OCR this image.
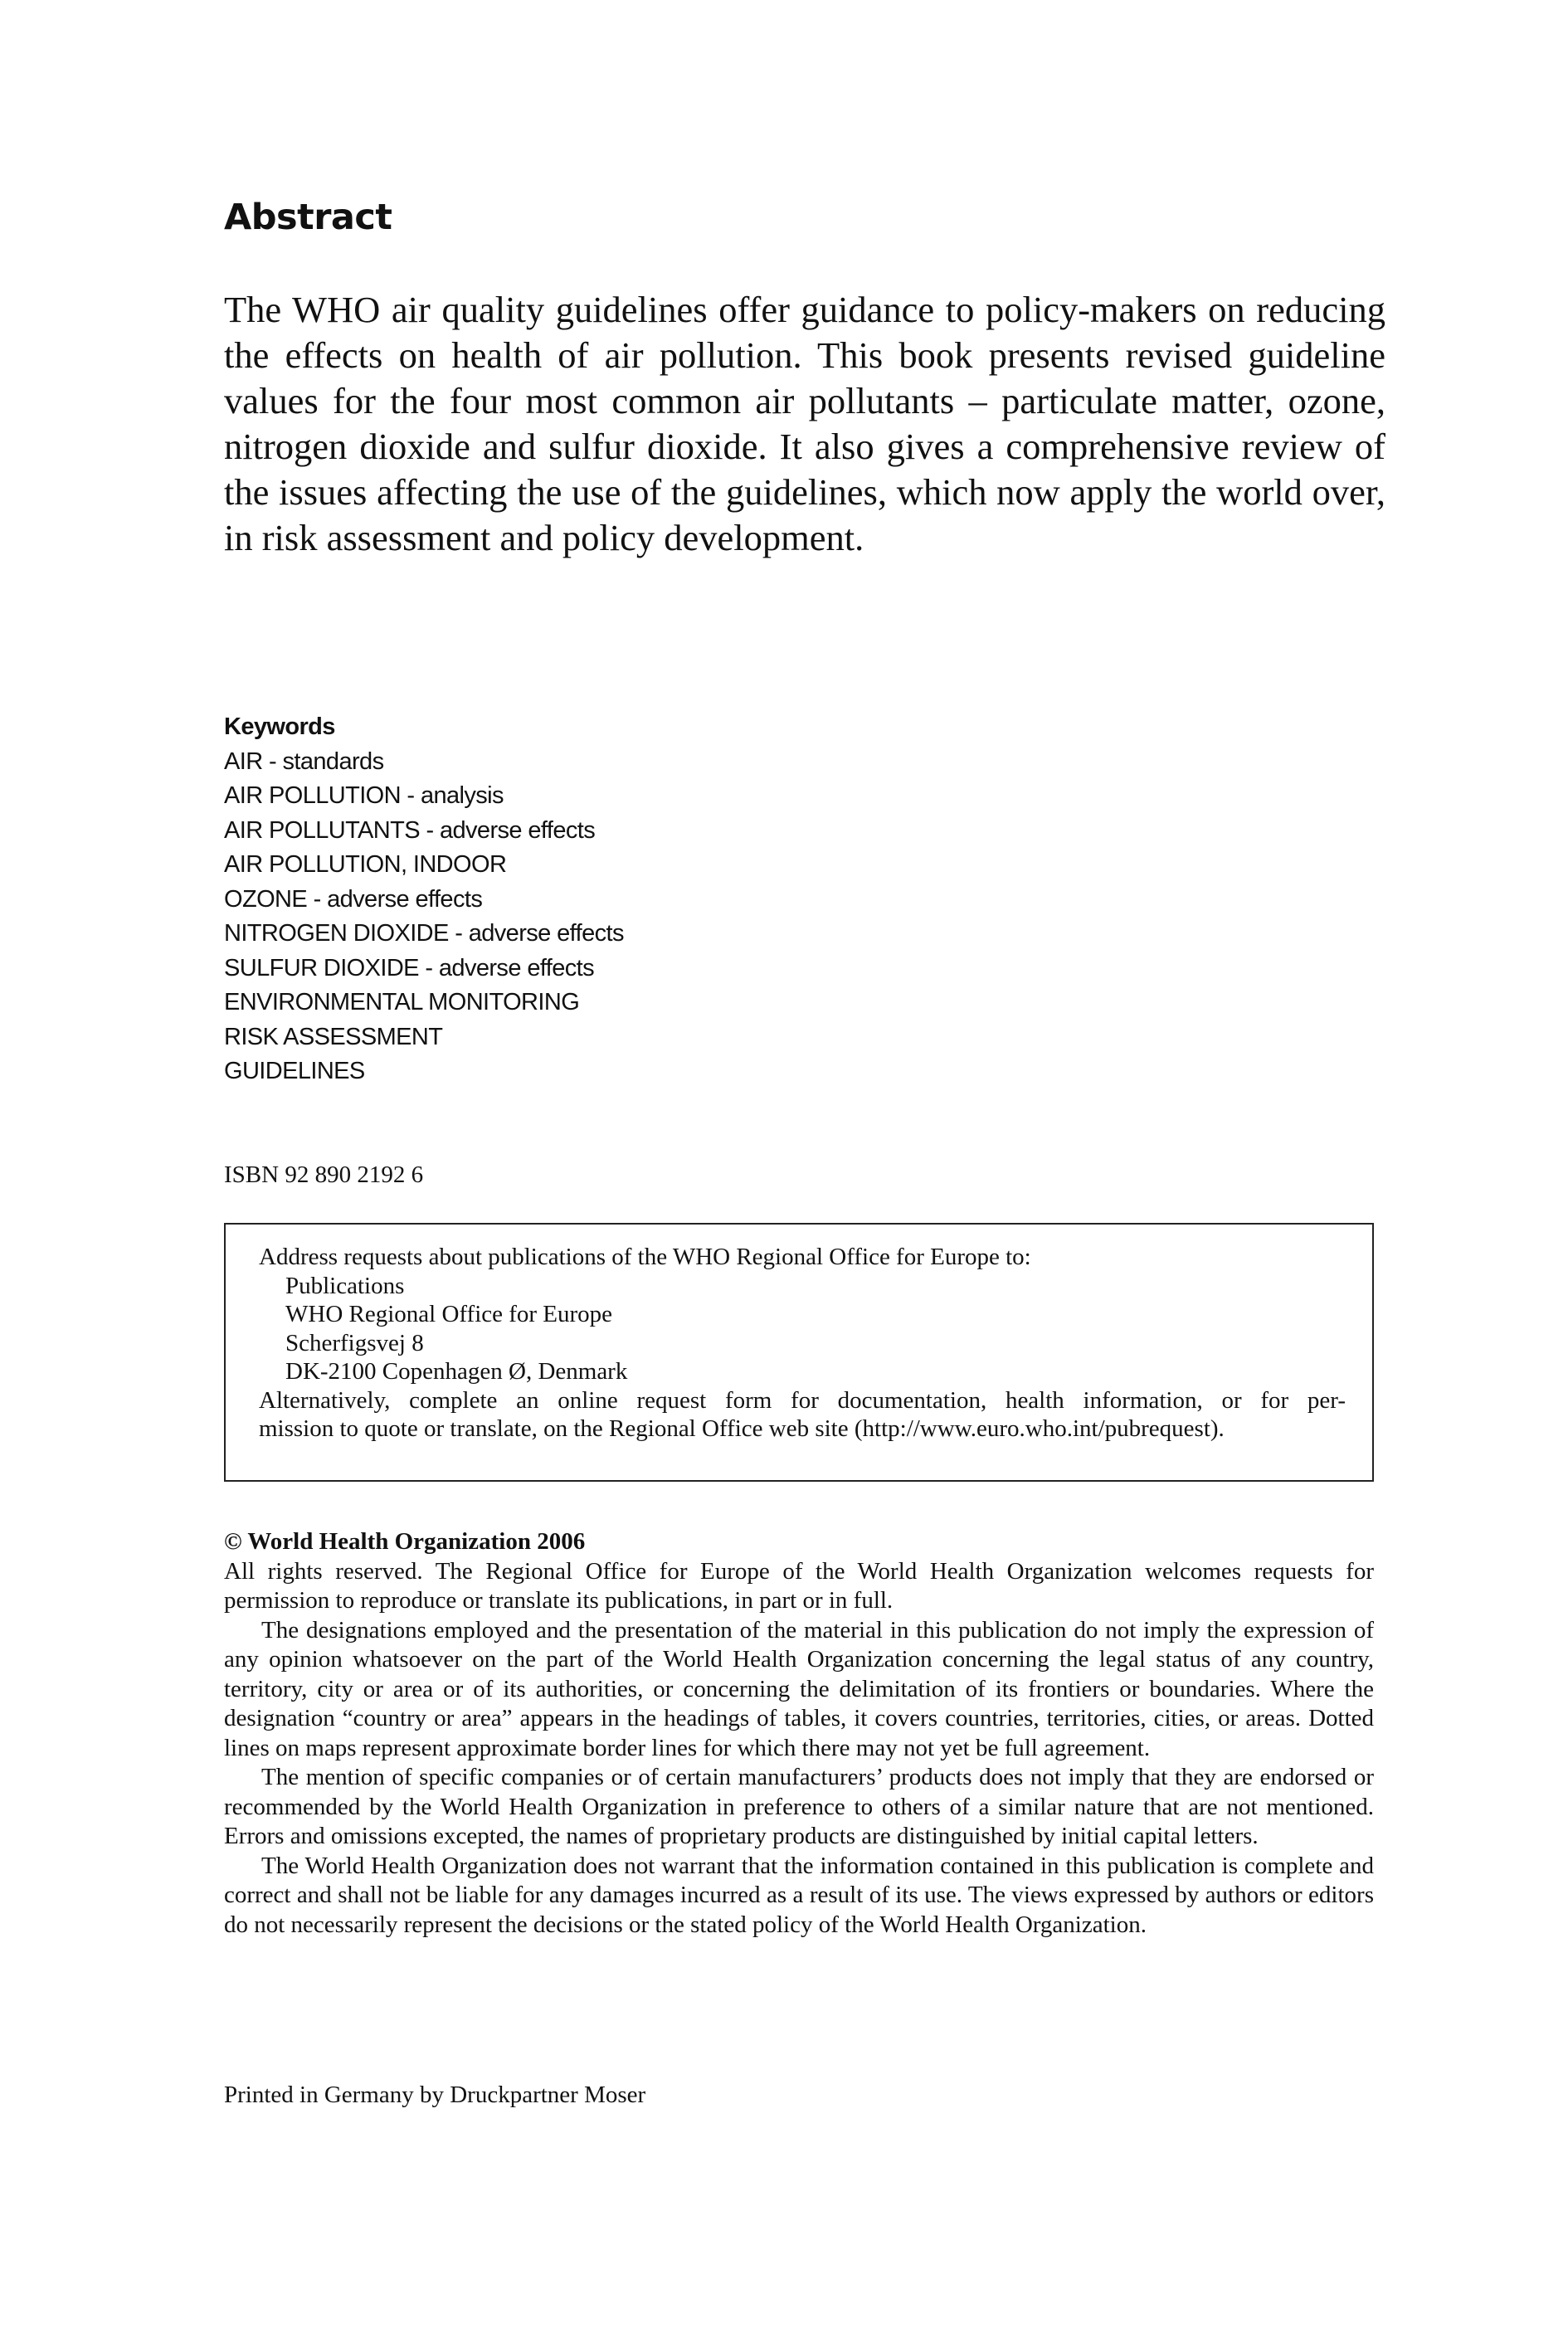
Abstract

The WHO air quality guidelines offer guidance to policy-makers on reducing the effects on health of air pollution. This book presents revised guideline values for the four most common air pollutants – particulate matter, ozone, nitrogen dioxide and sulfur dioxide. It also gives a comprehensive review of the issues affecting the use of the guidelines, which now apply the world over, in risk assessment and policy development.

Keywords
AIR - standards
AIR POLLUTION - analysis
AIR POLLUTANTS - adverse effects
AIR POLLUTION, INDOOR
OZONE - adverse effects
NITROGEN DIOXIDE - adverse effects
SULFUR DIOXIDE - adverse effects
ENVIRONMENTAL MONITORING
RISK ASSESSMENT
GUIDELINES
ISBN 92 890 2192 6

Address requests about publications of the WHO Regional Office for Europe to:

Publications

WHO Regional Office for Europe

Scherfigsvej 8

DK-2100 Copenhagen Ø, Denmark

Alternatively, complete an online request form for documentation, health information, or for per-

mission to quote or translate, on the Regional Office web site (http://www.euro.who.int/pubrequest).

© World Health Organization 2006

All rights reserved. The Regional Office for Europe of the World Health Organization welcomes requests for permission to reproduce or translate its publications, in part or in full.

The designations employed and the presentation of the material in this publication do not imply the expression of any opinion whatsoever on the part of the World Health Organization concerning the legal status of any country, territory, city or area or of its authorities, or concerning the delimitation of its frontiers or boundaries. Where the designation “country or area” appears in the headings of tables, it covers countries, territories, cities, or areas. Dotted lines on maps represent approximate border lines for which there may not yet be full agreement.

The mention of specific companies or of certain manufacturers’ products does not imply that they are endorsed or recommended by the World Health Organization in preference to others of a similar nature that are not mentioned. Errors and omissions excepted, the names of proprietary products are distinguished by initial capital letters.

The World Health Organization does not warrant that the information contained in this publication is complete and correct and shall not be liable for any damages incurred as a result of its use. The views expressed by authors or editors do not necessarily represent the decisions or the stated policy of the World Health Organization.

Printed in Germany by Druckpartner Moser
